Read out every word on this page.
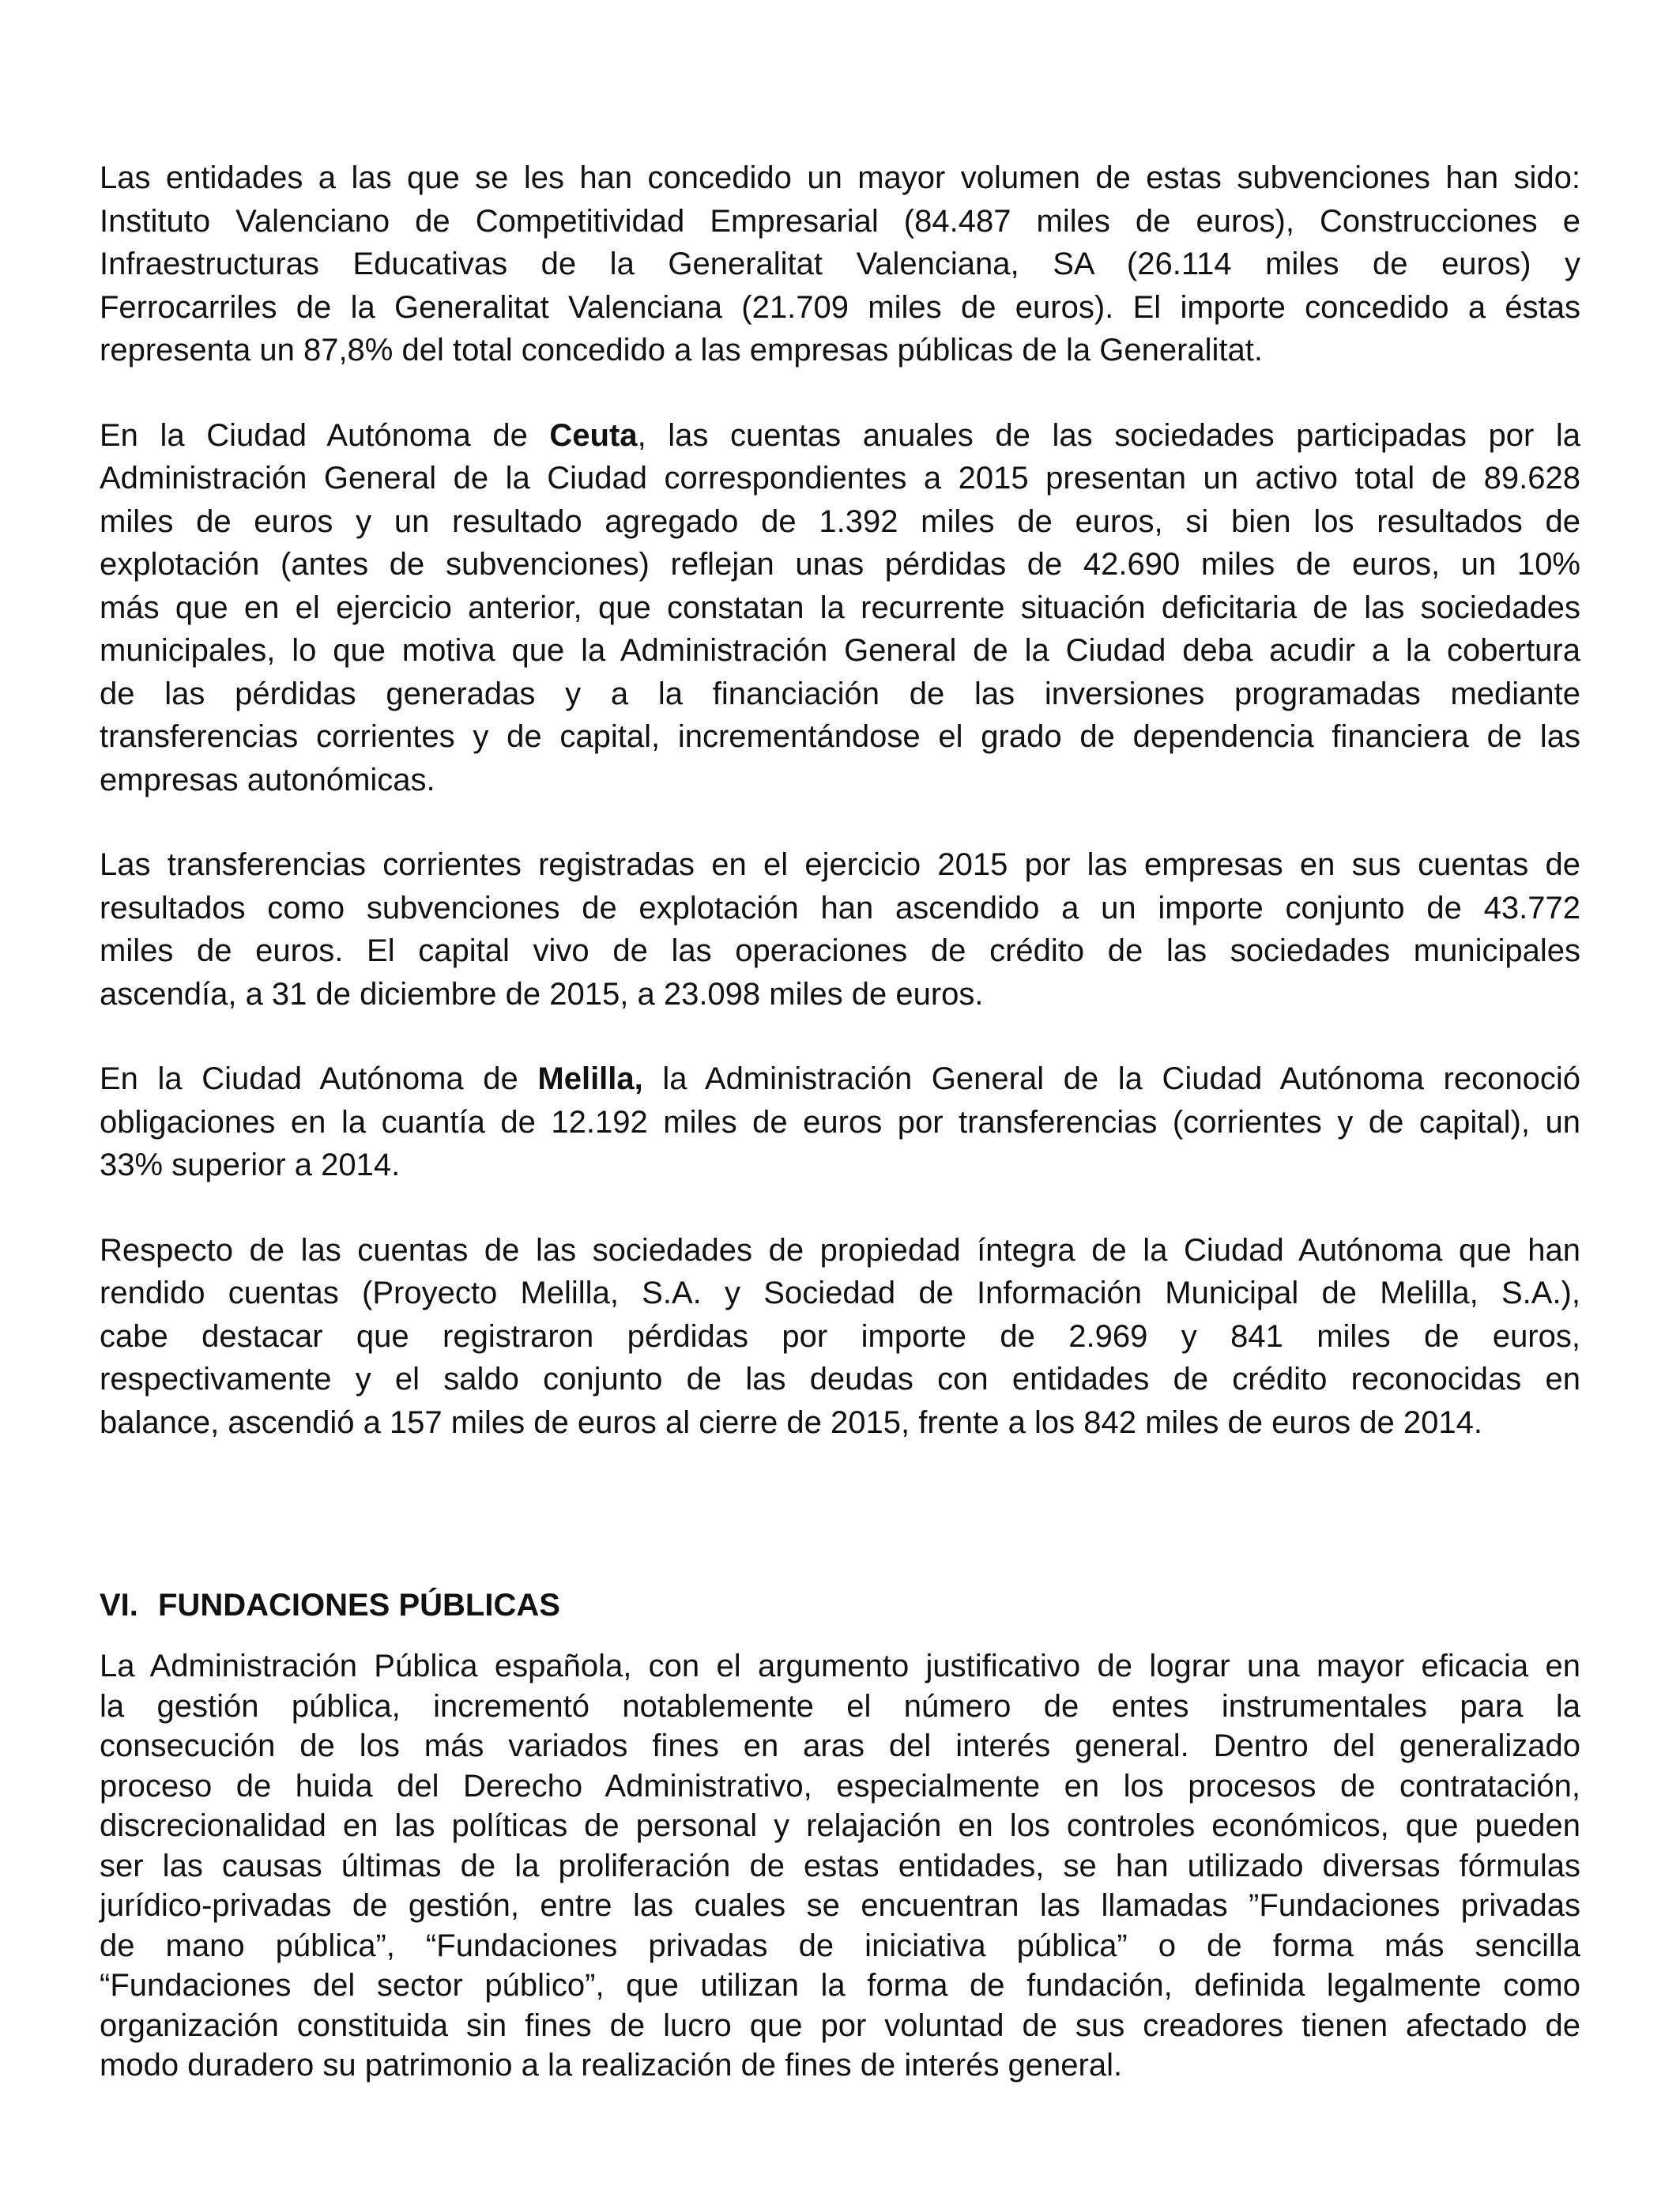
Las entidades a las que se les han concedido un mayor volumen de estas subvenciones han sido:
Instituto Valenciano de Competitividad Empresarial (84.487 miles de euros), Construcciones e
Infraestructuras Educativas de la Generalitat Valenciana, SA (26.114 miles de euros) y
Ferrocarriles de la Generalitat Valenciana (21.709 miles de euros). El importe concedido a éstas
representa un 87,8% del total concedido a las empresas públicas de la Generalitat.

En la Ciudad Autónoma de Ceuta, las cuentas anuales de las sociedades participadas por la
Administración General de la Ciudad correspondientes a 2015 presentan un activo total de 89.628
miles de euros y un resultado agregado de 1.392 miles de euros, si bien los resultados de
explotación (antes de subvenciones) reflejan unas pérdidas de 42.690 miles de euros, un 10%
más que en el ejercicio anterior, que constatan la recurrente situación deficitaria de las sociedades
municipales, lo que motiva que la Administración General de la Ciudad deba acudir a la cobertura
de las pérdidas generadas y a la financiación de las inversiones programadas mediante
transferencias corrientes y de capital, incrementándose el grado de dependencia financiera de las
empresas autonómicas.

Las transferencias corrientes registradas en el ejercicio 2015 por las empresas en sus cuentas de
resultados como subvenciones de explotación han ascendido a un importe conjunto de 43.772
miles de euros. El capital vivo de las operaciones de crédito de las sociedades municipales
ascendía, a 31 de diciembre de 2015, a 23.098 miles de euros.

En la Ciudad Autónoma de Melilla, la Administración General de la Ciudad Autónoma reconoció
obligaciones en la cuantía de 12.192 miles de euros por transferencias (corrientes y de capital), un
33% superior a 2014.

Respecto de las cuentas de las sociedades de propiedad íntegra de la Ciudad Autónoma que han
rendido cuentas (Proyecto Melilla, S.A. y Sociedad de Información Municipal de Melilla, S.A.),
cabe destacar que registraron pérdidas por importe de 2.969 y 841 miles de euros,
respectivamente y el saldo conjunto de las deudas con entidades de crédito reconocidas en
balance, ascendió a 157 miles de euros al cierre de 2015, frente a los 842 miles de euros de 2014.

VI. FUNDACIONES PÚBLICAS

La Administración Pública española, con el argumento justificativo de lograr una mayor eficacia en
la gestión pública, incrementó notablemente el número de entes instrumentales para la
consecución de los más variados fines en aras del interés general. Dentro del generalizado
proceso de huida del Derecho Administrativo, especialmente en los procesos de contratación,
discrecionalidad en las políticas de personal y relajación en los controles económicos, que pueden
ser las causas últimas de la proliferación de estas entidades, se han utilizado diversas fórmulas
jurídico-privadas de gestión, entre las cuales se encuentran las llamadas ”Fundaciones privadas
de mano pública”, “Fundaciones privadas de iniciativa pública” o de forma más sencilla
“Fundaciones del sector público”, que utilizan la forma de fundación, definida legalmente como
organización constituida sin fines de lucro que por voluntad de sus creadores tienen afectado de
modo duradero su patrimonio a la realización de fines de interés general.
